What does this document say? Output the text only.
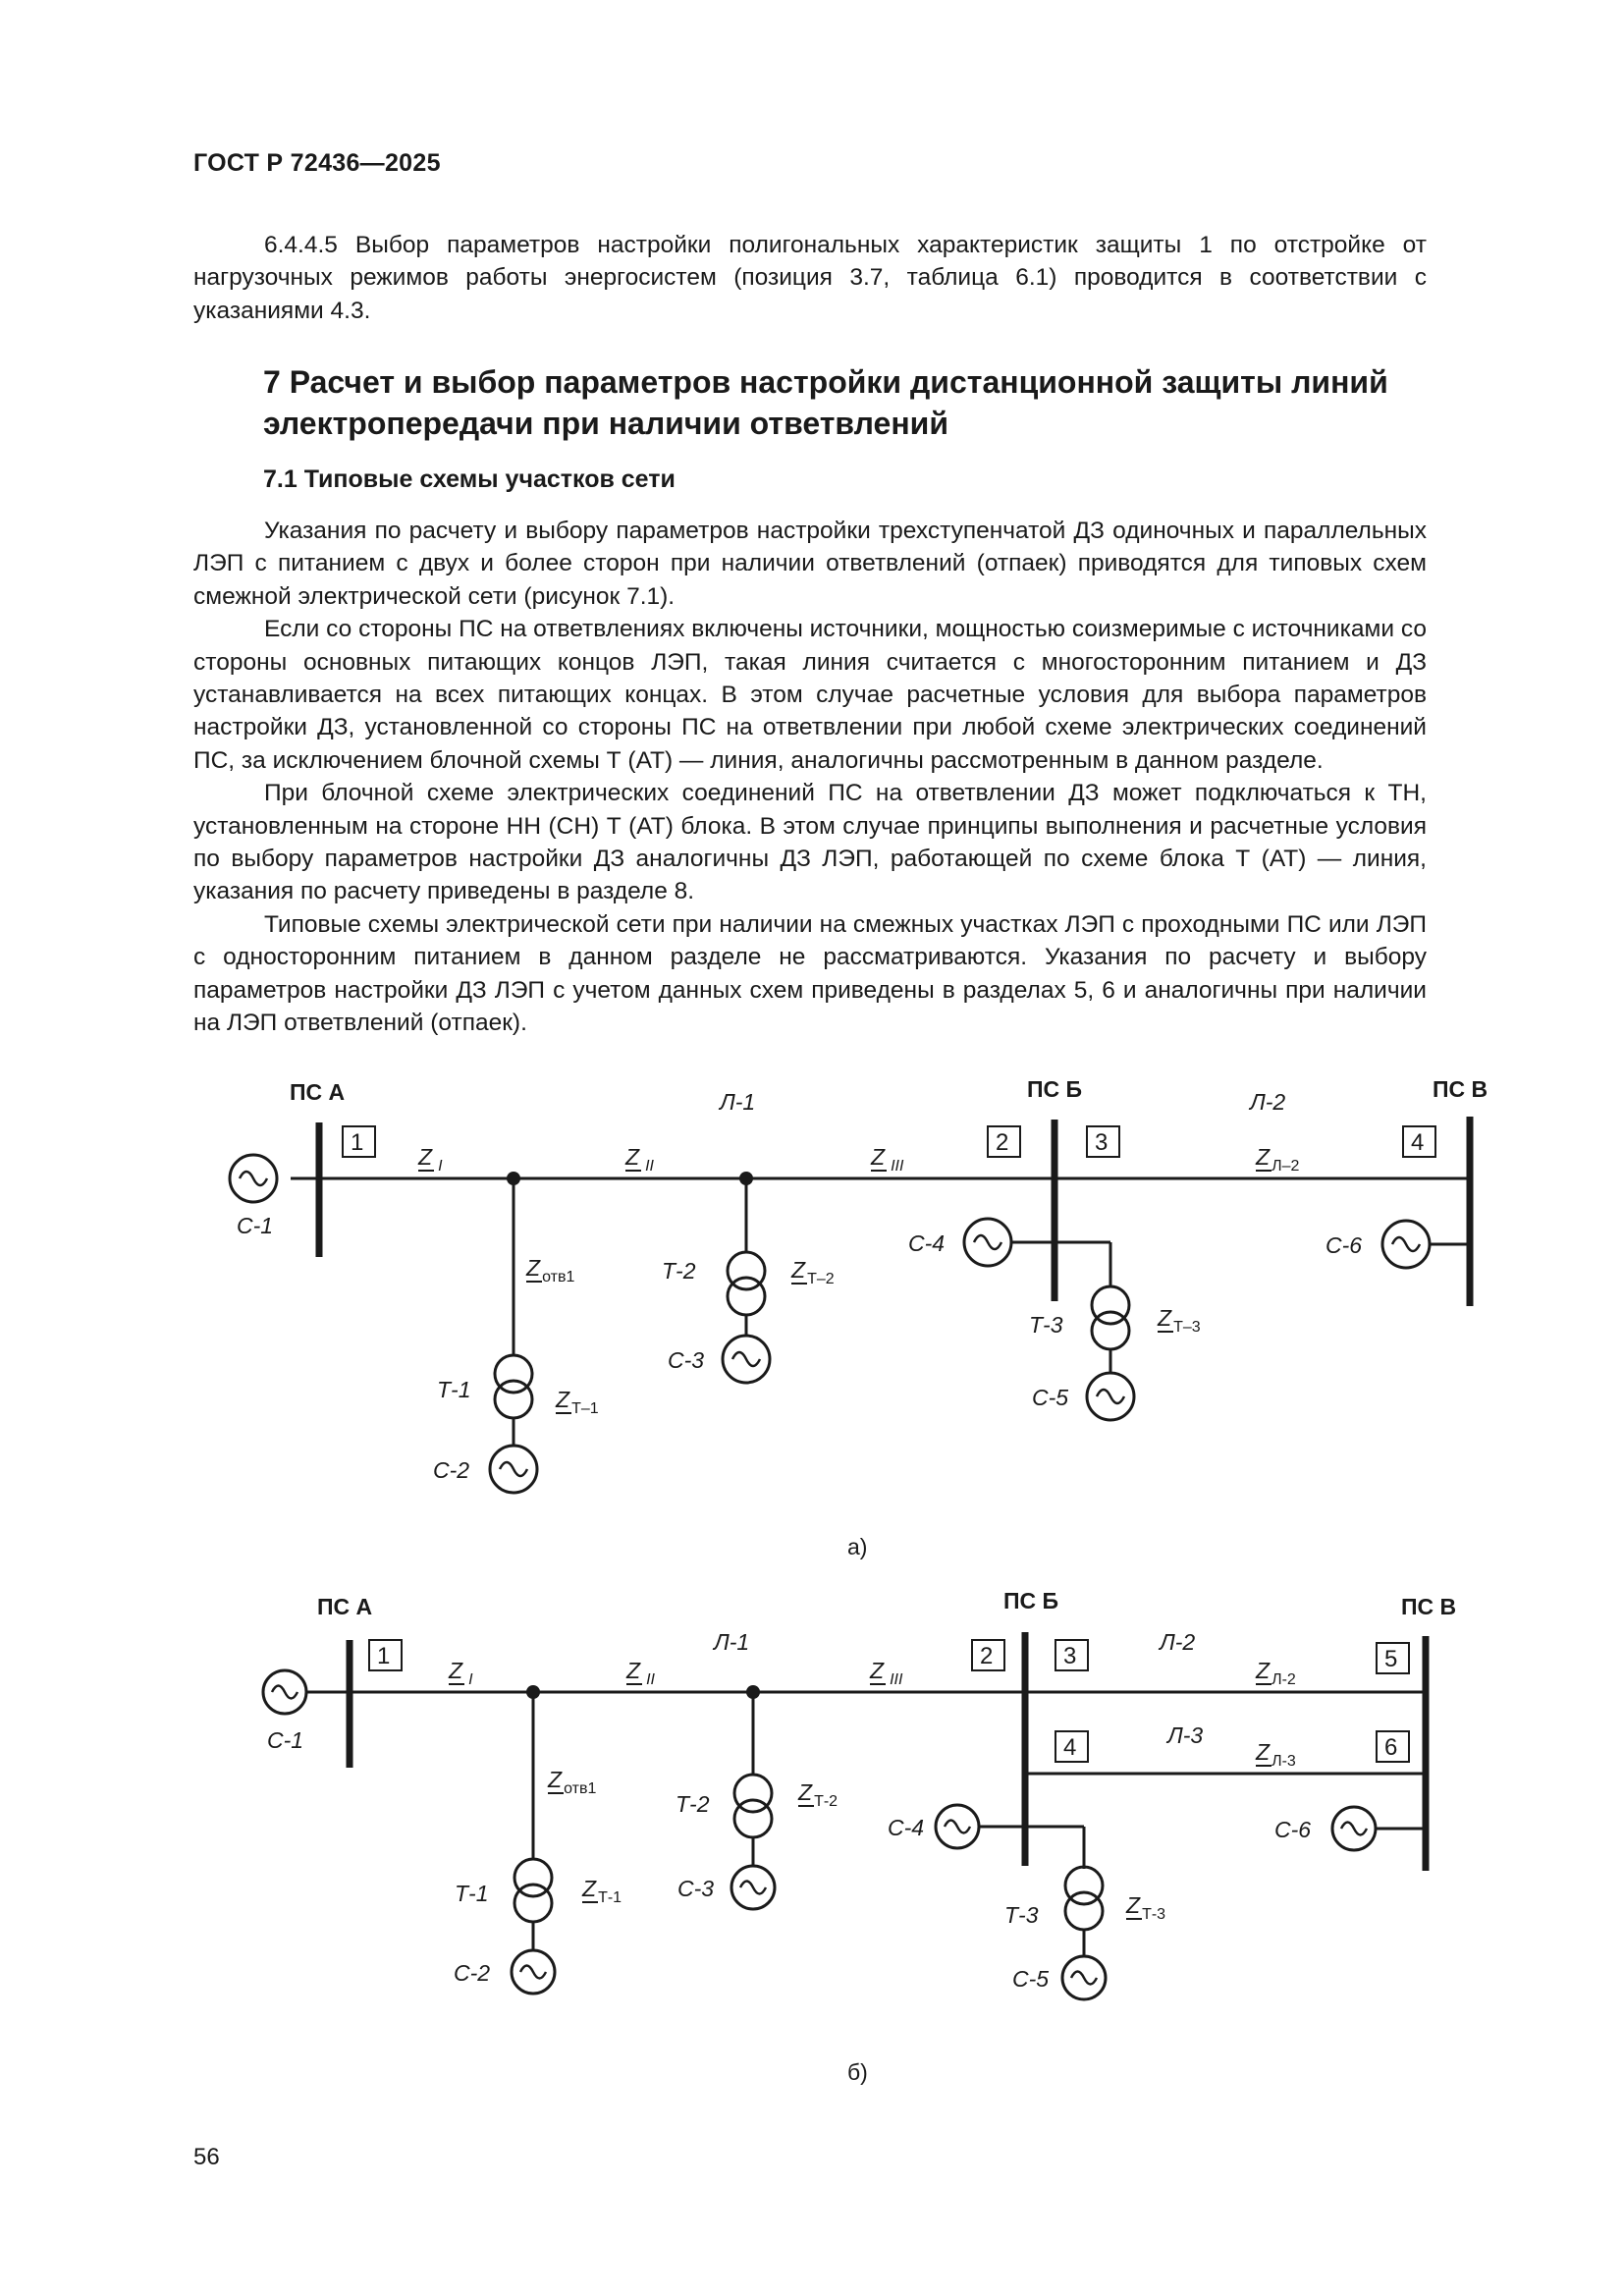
ГОСТ Р 72436—2025

6.4.4.5 Выбор параметров настройки полигональных характеристик защиты 1 по отстройке от нагрузочных режимов работы энергосистем (позиция 3.7, таблица 6.1) проводится в соответствии с указаниями 4.3.

7 Расчет и выбор параметров настройки дистанционной защиты линий электропередачи при наличии ответвлений
7.1 Типовые схемы участков сети

Указания по расчету и выбору параметров настройки трехступенчатой ДЗ одиночных и параллельных ЛЭП с питанием с двух и более сторон при наличии ответвлений (отпаек) приводятся для типовых схем смежной электрической сети (рисунок 7.1).

Если со стороны ПС на ответвлениях включены источники, мощностью соизмеримые с источниками со стороны основных питающих концов ЛЭП, такая линия считается с многосторонним питанием и ДЗ устанавливается на всех питающих концах. В этом случае расчетные условия для выбора параметров настройки ДЗ, установленной со стороны ПС на ответвлении при любой схеме электрических соединений ПС, за исключением блочной схемы Т (АТ) — линия, аналогичны рассмотренным в данном разделе.

При блочной схеме электрических соединений ПС на ответвлении ДЗ может подключаться к ТН, установленным на стороне НН (СН) Т (АТ) блока. В этом случае принципы выполнения и расчетные условия по выбору параметров настройки ДЗ аналогичны ДЗ ЛЭП, работающей по схеме блока Т (АТ) — линия, указания по расчету приведены в разделе 8.

Типовые схемы электрической сети при наличии на смежных участках ЛЭП с проходными ПС или ЛЭП с односторонним питанием в данном разделе не рассматриваются. Указания по расчету и выбору параметров настройки ДЗ ЛЭП с учетом данных схем приведены в разделах 5, 6 и аналогичны при наличии на ЛЭП ответвлений (отпаек).

ПС А	ПС Б	ПС В
Л-1	Л-2
1	2	3	4
Z $_I$	Z $_{II}$	Z $_{III}$	Z $_{Л-2}$
Z $_{отв1}$
Z $_{Т-1}$
Z $_{Т-2}$
Z $_{Т-3}$
С-1
С-2
С-3
С-4
С-5
С-6
Т-1
Т-2
Т-3
а)
ПС А	ПС Б	ПС В
Л-1	Л-2
Л-3
1	2	3
4
5
6
Z $_I$	Z $_{II}$	Z $_{III}$	Z $_{Л-2}$
Z $_{Л-3}$
Z $_{отв1}$
Z $_{Т-1}$
Z $_{Т-2}$
Z $_{Т-3}$
С-1
С-2
С-3
С-4
С-5
С-6
Т-1
Т-2
Т-3
б)
56
